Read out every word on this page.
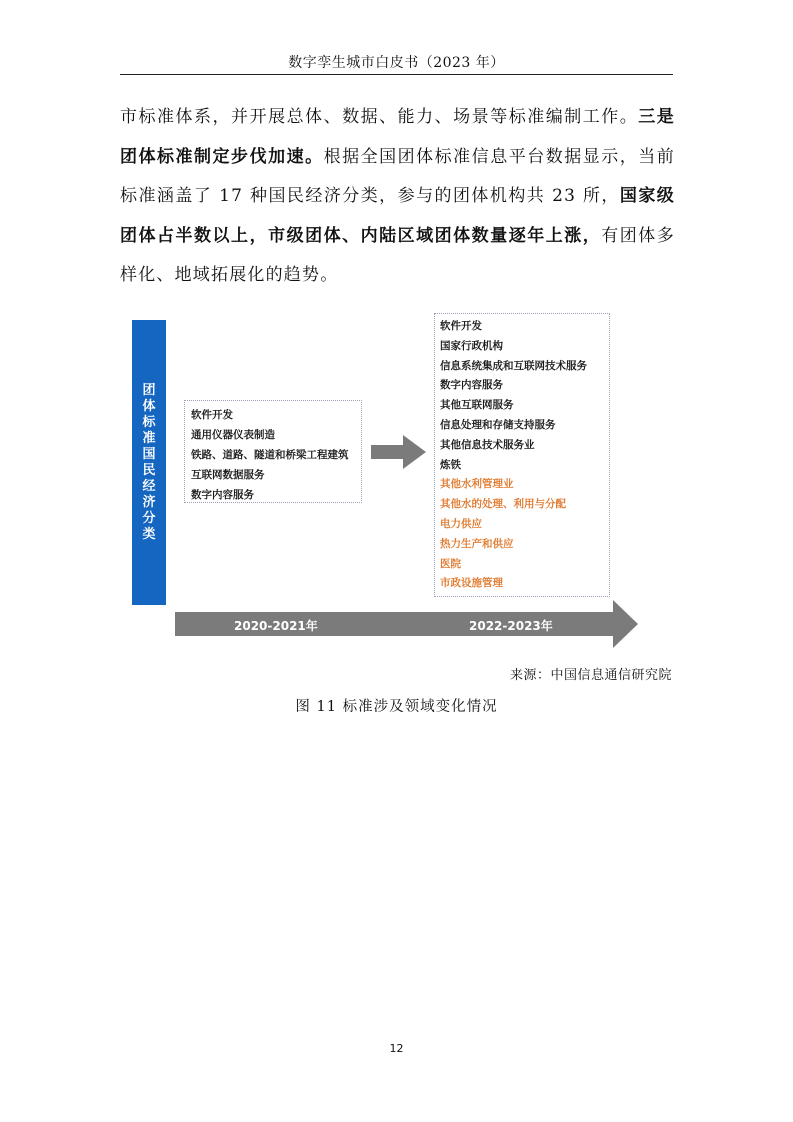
数字孪生城市白皮书（2023 年）

市标准体系，并开展总体、数据、能力、场景等标准编制工作。三是团体标准制定步伐加速。根据全国团体标准信息平台数据显示，当前标准涵盖了 17 种国民经济分类，参与的团体机构共 23 所，国家级团体占半数以上，市级团体、内陆区域团体数量逐年上涨，有团体多样化、地域拓展化的趋势。

团体标准国民经济分类
软件开发
通用仪器仪表制造
铁路、道路、隧道和桥梁工程建筑
互联网数据服务
数字内容服务
软件开发
国家行政机构
信息系统集成和互联网技术服务
数字内容服务
其他互联网服务
信息处理和存储支持服务
其他信息技术服务业
炼铁
其他水利管理业
其他水的处理、利用与分配
电力供应
热力生产和供应
医院
市政设施管理
2020-2021年	2022-2023年
来源：中国信息通信研究院
图 11 标准涉及领域变化情况
12
